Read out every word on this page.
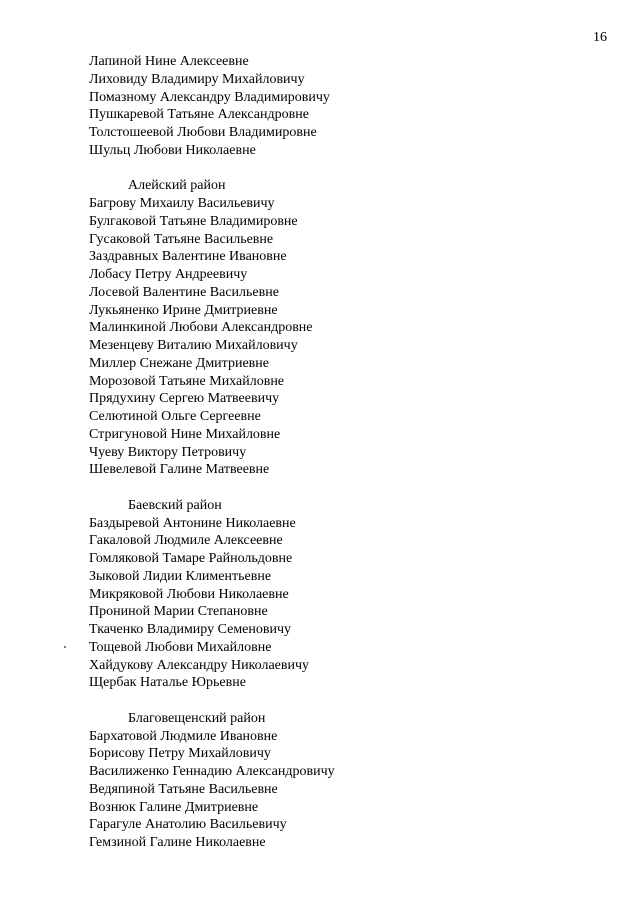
16
Лапиной Нине Алексеевне
Лиховиду Владимиру Михайловичу
Помазному Александру Владимировичу
Пушкаревой Татьяне Александровне
Толстошеевой Любови Владимировне
Шульц Любови Николаевне
Алейский район
Багрову Михаилу Васильевичу
Булгаковой Татьяне Владимировне
Гусаковой Татьяне Васильевне
Заздравных Валентине Ивановне
Лобасу Петру Андреевичу
Лосевой Валентине Васильевне
Лукьяненко Ирине Дмитриевне
Малинкиной Любови Александровне
Мезенцеву Виталию Михайловичу
Миллер Снежане Дмитриевне
Морозовой Татьяне Михайловне
Прядухину Сергею Матвеевичу
Селютиной Ольге Сергеевне
Стригуновой Нине Михайловне
Чуеву Виктору Петровичу
Шевелевой Галине Матвеевне
Баевский район
Баздыревой Антонине Николаевне
Гакаловой Людмиле Алексеевне
Гомляковой Тамаре Райнольдовне
Зыковой Лидии Климентьевне
Микряковой Любови Николаевне
Прониной Марии Степановне
Ткаченко Владимиру Семеновичу
Тощевой Любови Михайловне
Хайдукову Александру Николаевичу
Щербак Наталье Юрьевне
Благовещенский район
Бархатовой Людмиле Ивановне
Борисову Петру Михайловичу
Василиженко Геннадию Александровичу
Ведяпиной Татьяне Васильевне
Вознюк Галине Дмитриевне
Гарагуле Анатолию Васильевичу
Гемзиной Галине Николаевне
